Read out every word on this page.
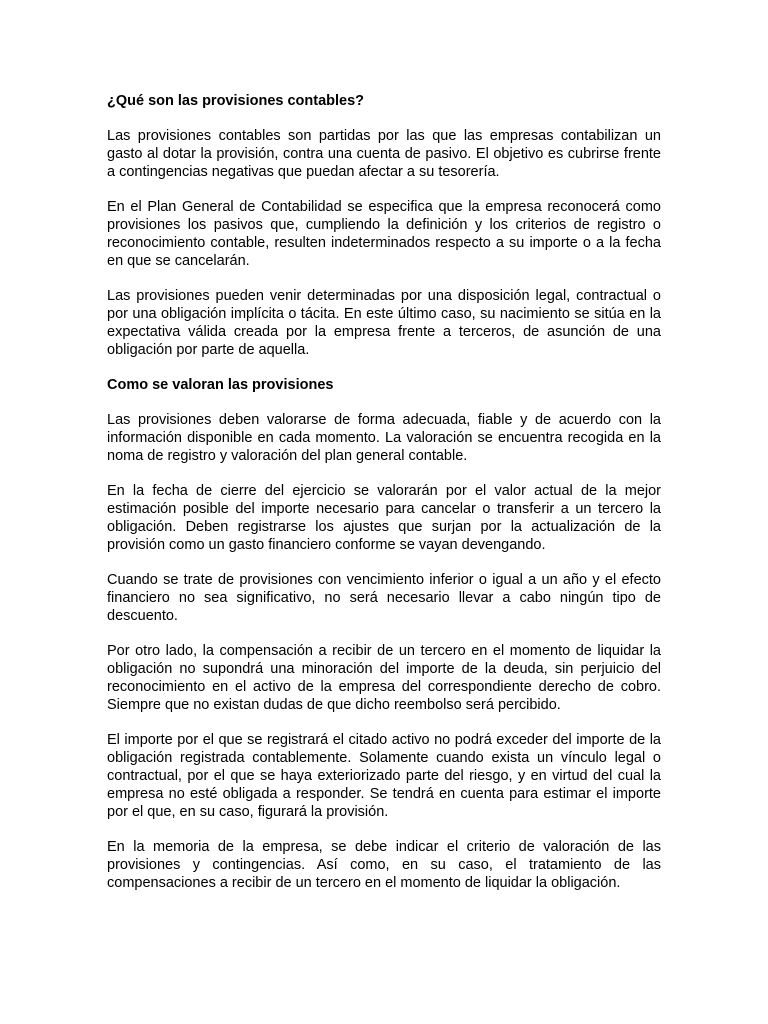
¿Qué son las provisiones contables?

Las provisiones contables son partidas por las que las empresas contabilizan un gasto al dotar la provisión, contra una cuenta de pasivo. El objetivo es cubrirse frente a contingencias negativas que puedan afectar a su tesorería.

En el Plan General de Contabilidad se especifica que la empresa reconocerá como provisiones los pasivos que, cumpliendo la definición y los criterios de registro o reconocimiento contable, resulten indeterminados respecto a su importe o a la fecha en que se cancelarán.

Las provisiones pueden venir determinadas por una disposición legal, contractual o por una obligación implícita o tácita. En este último caso, su nacimiento se sitúa en la expectativa válida creada por la empresa frente a terceros, de asunción de una obligación por parte de aquella.

Como se valoran las provisiones

Las provisiones deben valorarse de forma adecuada, fiable y de acuerdo con la información disponible en cada momento. La valoración se encuentra recogida en la noma de registro y valoración del plan general contable.

En la fecha de cierre del ejercicio se valorarán por el valor actual de la mejor estimación posible del importe necesario para cancelar o transferir a un tercero la obligación. Deben registrarse los ajustes que surjan por la actualización de la provisión como un gasto financiero conforme se vayan devengando.

Cuando se trate de provisiones con vencimiento inferior o igual a un año y el efecto financiero no sea significativo, no será necesario llevar a cabo ningún tipo de descuento.

Por otro lado, la compensación a recibir de un tercero en el momento de liquidar la obligación no supondrá una minoración del importe de la deuda, sin perjuicio del reconocimiento en el activo de la empresa del correspondiente derecho de cobro. Siempre que no existan dudas de que dicho reembolso será percibido.

El importe por el que se registrará el citado activo no podrá exceder del importe de la obligación registrada contablemente. Solamente cuando exista un vínculo legal o contractual, por el que se haya exteriorizado parte del riesgo, y en virtud del cual la empresa no esté obligada a responder. Se tendrá en cuenta para estimar el importe por el que, en su caso, figurará la provisión.

En la memoria de la empresa, se debe indicar el criterio de valoración de las provisiones y contingencias. Así como, en su caso, el tratamiento de las compensaciones a recibir de un tercero en el momento de liquidar la obligación.
